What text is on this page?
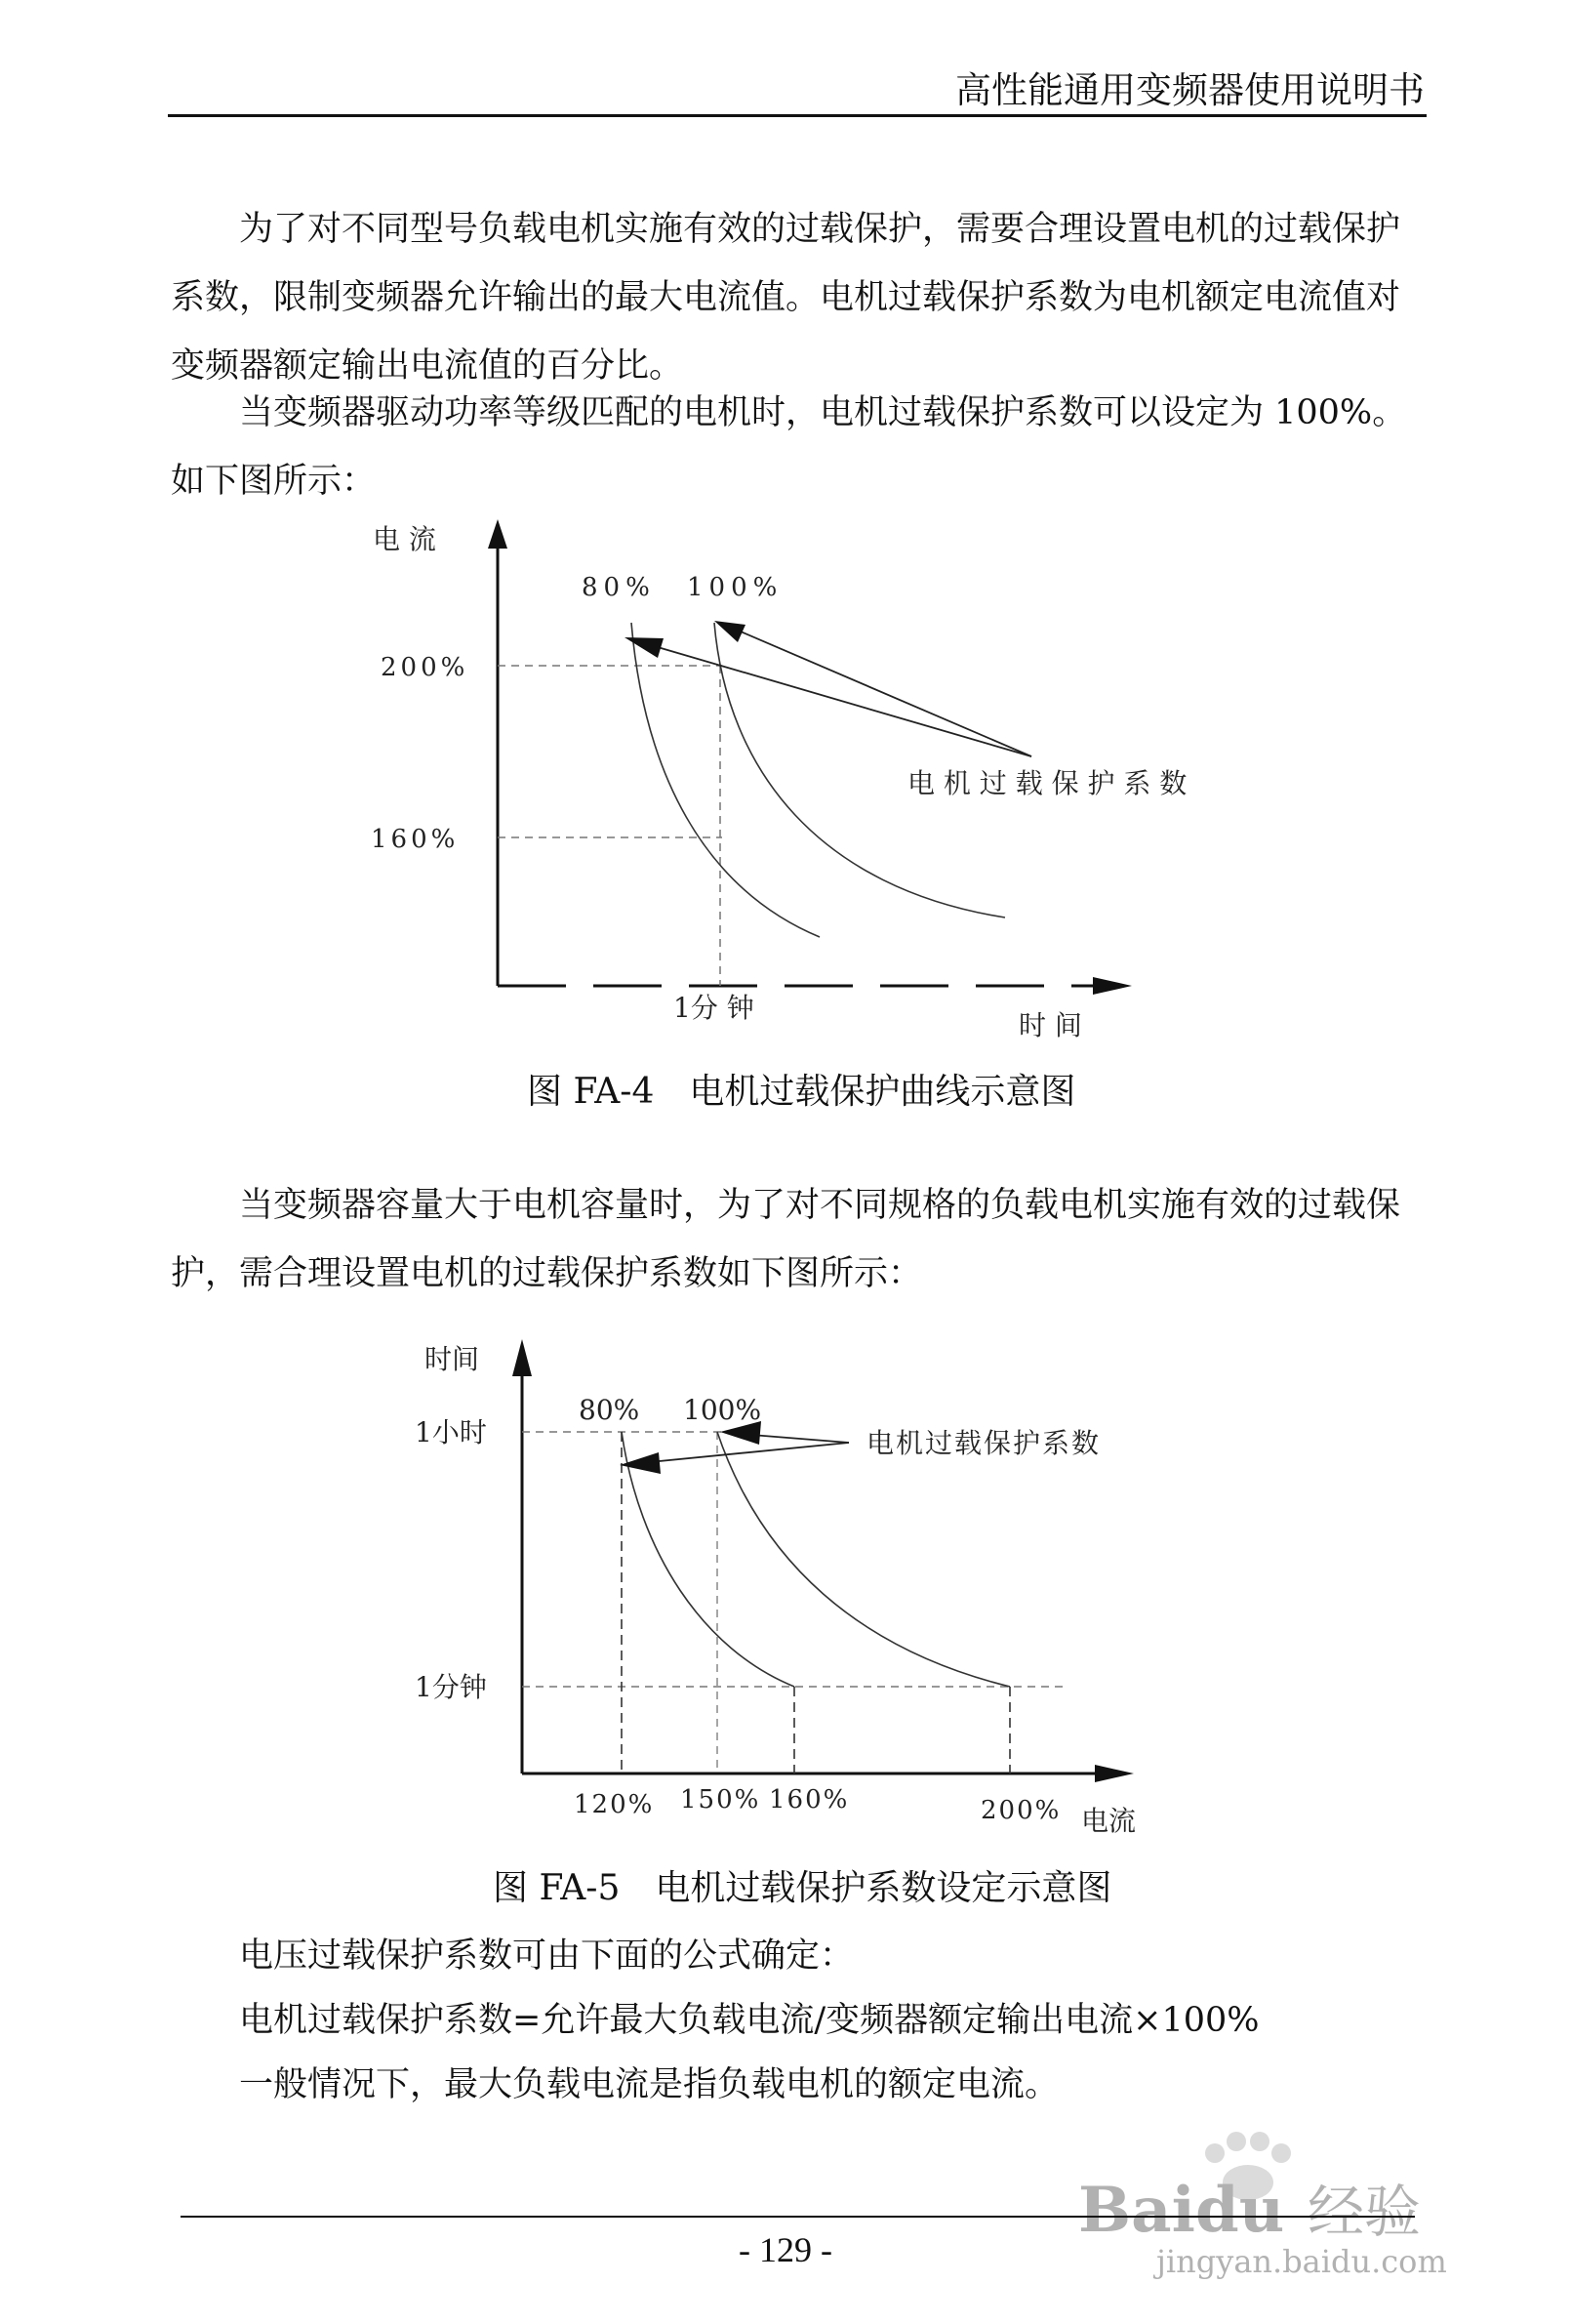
高性能通用变频器使用说明书
为了对不同型号负载电机实施有效的过载保护，需要合理设置电机的过载保护系数，限制变频器允许输出的最大电流值。电机过载保护系数为电机额定电流值对变频器额定输出电流值的百分比。
当变频器驱动功率等级匹配的电机时，电机过载保护系数可以设定为 100%。如下图所示：
电 流
200%
160%
80% 100%
电 机 过 载 保 护 系 数
1分 钟
时 间
图 FA-4　电机过载保护曲线示意图
当变频器容量大于电机容量时，为了对不同规格的负载电机实施有效的过载保护，需合理设置电机的过载保护系数如下图所示：
时间
1小时
1分钟
80% 100%
电机过载保护系数
120% 150% 160%	200% 电流
图 FA-5　电机过载保护系数设定示意图
电压过载保护系数可由下面的公式确定：
电机过载保护系数=允许最大负载电流/变频器额定输出电流×100%
一般情况下，最大负载电流是指负载电机的额定电流。
- 129 -
Bai du 经验
jingyan.baidu.com
